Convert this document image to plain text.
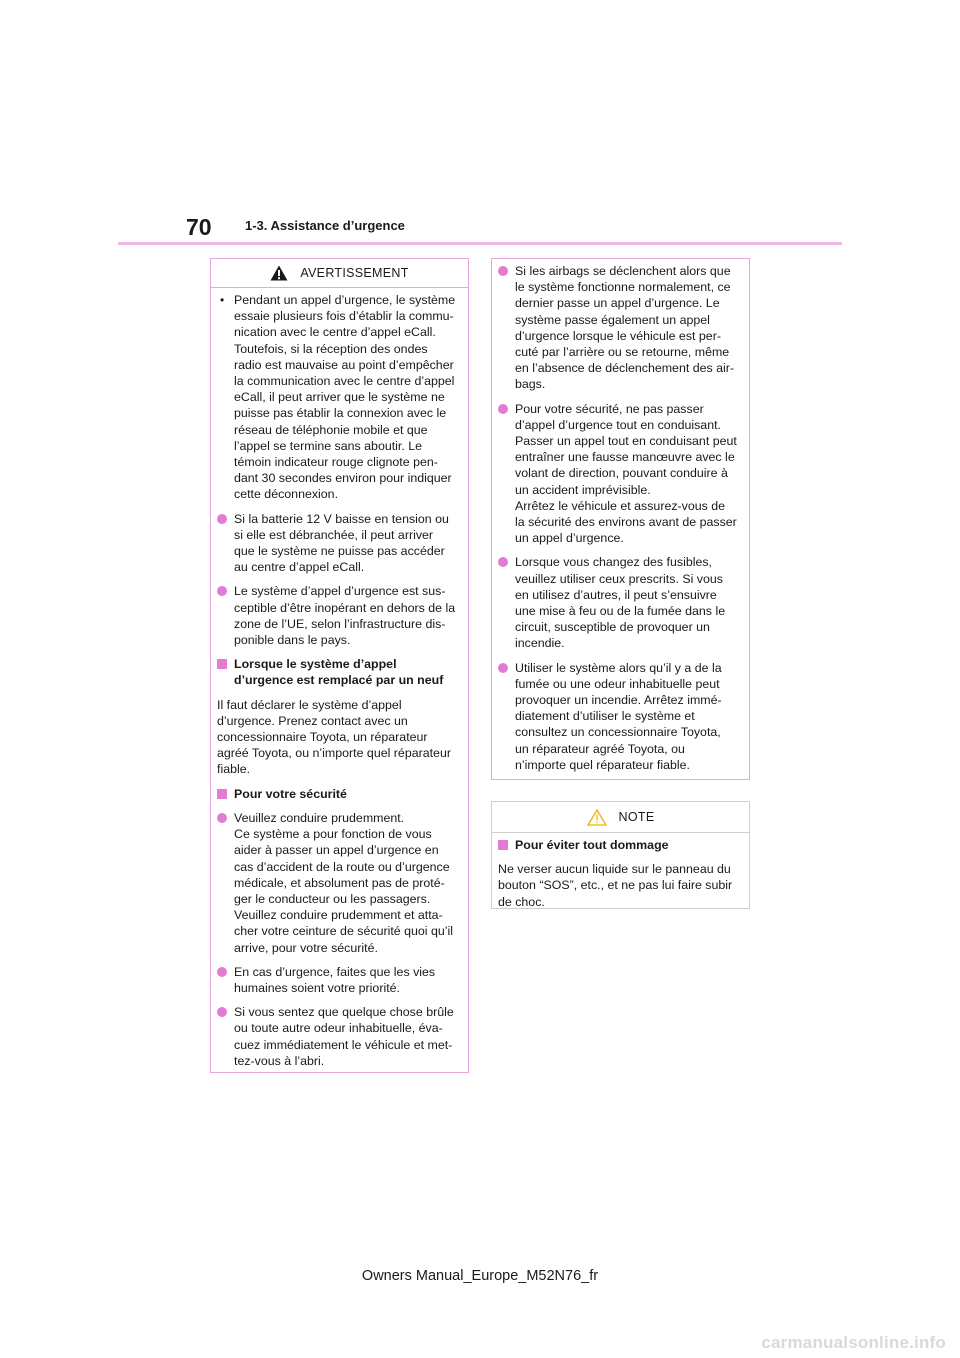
70	1-3. Assistance d’urgence
AVERTISSEMENT
• Pendant un appel d’urgence, le système
essaie plusieurs fois d’établir la commu-
nication avec le centre d’appel eCall.
Toutefois, si la réception des ondes
radio est mauvaise au point d’empêcher
la communication avec le centre d’appel
eCall, il peut arriver que le système ne
puisse pas établir la connexion avec le
réseau de téléphonie mobile et que
l’appel se termine sans aboutir. Le
témoin indicateur rouge clignote pen-
dant 30 secondes environ pour indiquer
cette déconnexion.
Si la batterie 12 V baisse en tension ou
si elle est débranchée, il peut arriver
que le système ne puisse pas accéder
au centre d’appel eCall.
Le système d’appel d’urgence est sus-
ceptible d’être inopérant en dehors de la
zone de l’UE, selon l’infrastructure dis-
ponible dans le pays.
Lorsque le système d’appel
d’urgence est remplacé par un neuf
Il faut déclarer le système d’appel
d’urgence. Prenez contact avec un
concessionnaire Toyota, un réparateur
agréé Toyota, ou n’importe quel réparateur
fiable.
Pour votre sécurité
Veuillez conduire prudemment.
Ce système a pour fonction de vous
aider à passer un appel d’urgence en
cas d’accident de la route ou d’urgence
médicale, et absolument pas de proté-
ger le conducteur ou les passagers.
Veuillez conduire prudemment et atta-
cher votre ceinture de sécurité quoi qu’il
arrive, pour votre sécurité.
En cas d’urgence, faites que les vies
humaines soient votre priorité.
Si vous sentez que quelque chose brûle
ou toute autre odeur inhabituelle, éva-
cuez immédiatement le véhicule et met-
tez-vous à l’abri.
Si les airbags se déclenchent alors que
le système fonctionne normalement, ce
dernier passe un appel d’urgence. Le
système passe également un appel
d’urgence lorsque le véhicule est per-
cuté par l’arrière ou se retourne, même
en l’absence de déclenchement des air-
bags.
Pour votre sécurité, ne pas passer
d’appel d’urgence tout en conduisant.
Passer un appel tout en conduisant peut
entraîner une fausse manœuvre avec le
volant de direction, pouvant conduire à
un accident imprévisible.
Arrêtez le véhicule et assurez-vous de
la sécurité des environs avant de passer
un appel d’urgence.
Lorsque vous changez des fusibles,
veuillez utiliser ceux prescrits. Si vous
en utilisez d’autres, il peut s’ensuivre
une mise à feu ou de la fumée dans le
circuit, susceptible de provoquer un
incendie.
Utiliser le système alors qu’il y a de la
fumée ou une odeur inhabituelle peut
provoquer un incendie. Arrêtez immé-
diatement d’utiliser le système et
consultez un concessionnaire Toyota,
un réparateur agréé Toyota, ou
n’importe quel réparateur fiable.
NOTE
Pour éviter tout dommage
Ne verser aucun liquide sur le panneau du
bouton “SOS”, etc., et ne pas lui faire subir
de choc.
Owners Manual_Europe_M52N76_fr
carmanualsonline.info
